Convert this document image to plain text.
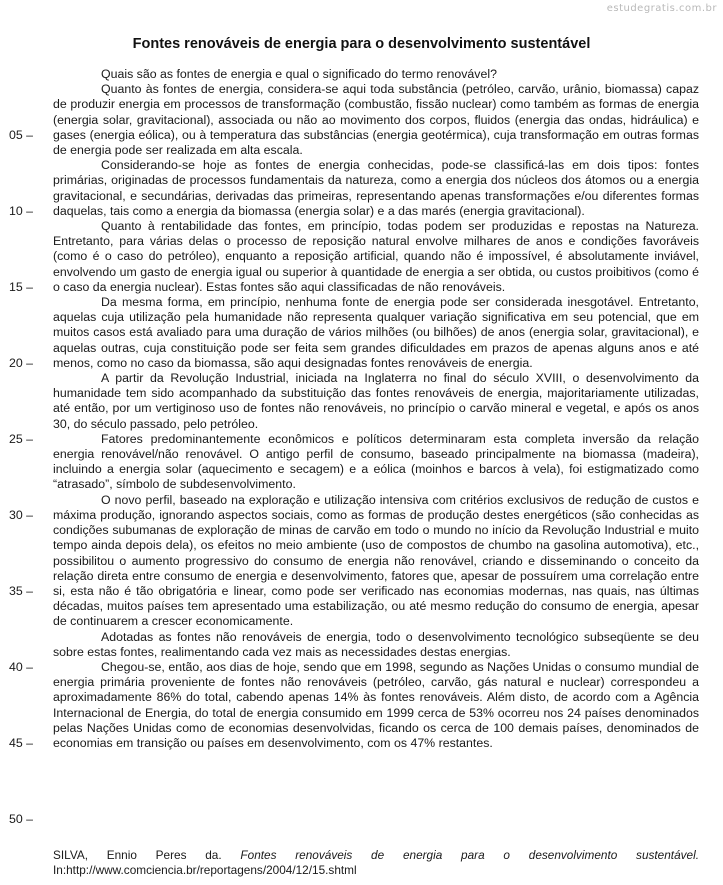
estudegratis.com.br
Fontes renováveis de energia para o desenvolvimento sustentável
05 –
10 –
15 –
20 –
25 –
30 –
35 –
40 –
45 –
50 –

Quais são as fontes de energia e qual o significado do termo renovável?

Quanto às fontes de energia, considera-se aqui toda substância (petróleo, carvão, urânio, biomassa) capaz de produzir energia em processos de transformação (combustão, fissão nuclear) como também as formas de energia (energia solar, gravitacional), associada ou não ao movimento dos corpos, fluidos (energia das ondas, hidráulica) e gases (energia eólica), ou à temperatura das substâncias (energia geotérmica), cuja transformação em outras formas de energia pode ser realizada em alta escala.

Considerando-se hoje as fontes de energia conhecidas, pode-se classificá-las em dois tipos: fontes primárias, originadas de processos fundamentais da natureza, como a energia dos núcleos dos átomos ou a energia gravitacional, e secundárias, derivadas das primeiras, representando apenas transformações e/ou diferentes formas daquelas, tais como a energia da biomassa (energia solar) e a das marés (energia gravitacional).

Quanto à rentabilidade das fontes, em princípio, todas podem ser produzidas e repostas na Natureza. Entretanto, para várias delas o processo de reposição natural envolve milhares de anos e condições favoráveis (como é o caso do petróleo), enquanto a reposição artificial, quando não é impossível, é absolutamente inviável, envolvendo um gasto de energia igual ou superior à quantidade de energia a ser obtida, ou custos proibitivos (como é o caso da energia nuclear). Estas fontes são aqui classificadas de não renováveis.

Da mesma forma, em princípio, nenhuma fonte de energia pode ser considerada inesgotável. Entretanto, aquelas cuja utilização pela humanidade não representa qualquer variação significativa em seu potencial, que em muitos casos está avaliado para uma duração de vários milhões (ou bilhões) de anos (energia solar, gravitacional), e aquelas outras, cuja constituição pode ser feita sem grandes dificuldades em prazos de apenas alguns anos e até menos, como no caso da biomassa, são aqui designadas fontes renováveis de energia.

A partir da Revolução Industrial, iniciada na Inglaterra no final do século XVIII, o desenvolvimento da humanidade tem sido acompanhado da substituição das fontes renováveis de energia, majoritariamente utilizadas, até então, por um vertiginoso uso de fontes não renováveis, no princípio o carvão mineral e vegetal, e após os anos 30, do século passado, pelo petróleo.

Fatores predominantemente econômicos e políticos determinaram esta completa inversão da relação energia renovável/não renovável. O antigo perfil de consumo, baseado principalmente na biomassa (madeira), incluindo a energia solar (aquecimento e secagem) e a eólica (moinhos e barcos à vela), foi estigmatizado como “atrasado”, símbolo de subdesenvolvimento.

O novo perfil, baseado na exploração e utilização intensiva com critérios exclusivos de redução de custos e máxima produção, ignorando aspectos sociais, como as formas de produção destes energéticos (são conhecidas as condições subumanas de exploração de minas de carvão em todo o mundo no início da Revolução Industrial e muito tempo ainda depois dela), os efeitos no meio ambiente (uso de compostos de chumbo na gasolina automotiva), etc., possibilitou o aumento progressivo do consumo de energia não renovável, criando e disseminando o conceito da relação direta entre consumo de energia e desenvolvimento, fatores que, apesar de possuírem uma correlação entre si, esta não é tão obrigatória e linear, como pode ser verificado nas economias modernas, nas quais, nas últimas décadas, muitos países tem apresentado uma estabilização, ou até mesmo redução do consumo de energia, apesar de continuarem a crescer economicamente.

Adotadas as fontes não renováveis de energia, todo o desenvolvimento tecnológico subseqüente se deu sobre estas fontes, realimentando cada vez mais as necessidades destas energias.

Chegou-se, então, aos dias de hoje, sendo que em 1998, segundo as Nações Unidas o consumo mundial de energia primária proveniente de fontes não renováveis (petróleo, carvão, gás natural e nuclear) correspondeu a aproximadamente 86% do total, cabendo apenas 14% às fontes renováveis. Além disto, de acordo com a Agência Internacional de Energia, do total de energia consumido em 1999 cerca de 53% ocorreu nos 24 países denominados pelas Nações Unidas como de economias desenvolvidas, ficando os cerca de 100 demais países, denominados de economias em transição ou países em desenvolvimento, com os 47% restantes.

SILVA, Ennio Peres da. Fontes renováveis de energia para o desenvolvimento sustentável. In:http://www.comciencia.br/reportagens/2004/12/15.shtml
